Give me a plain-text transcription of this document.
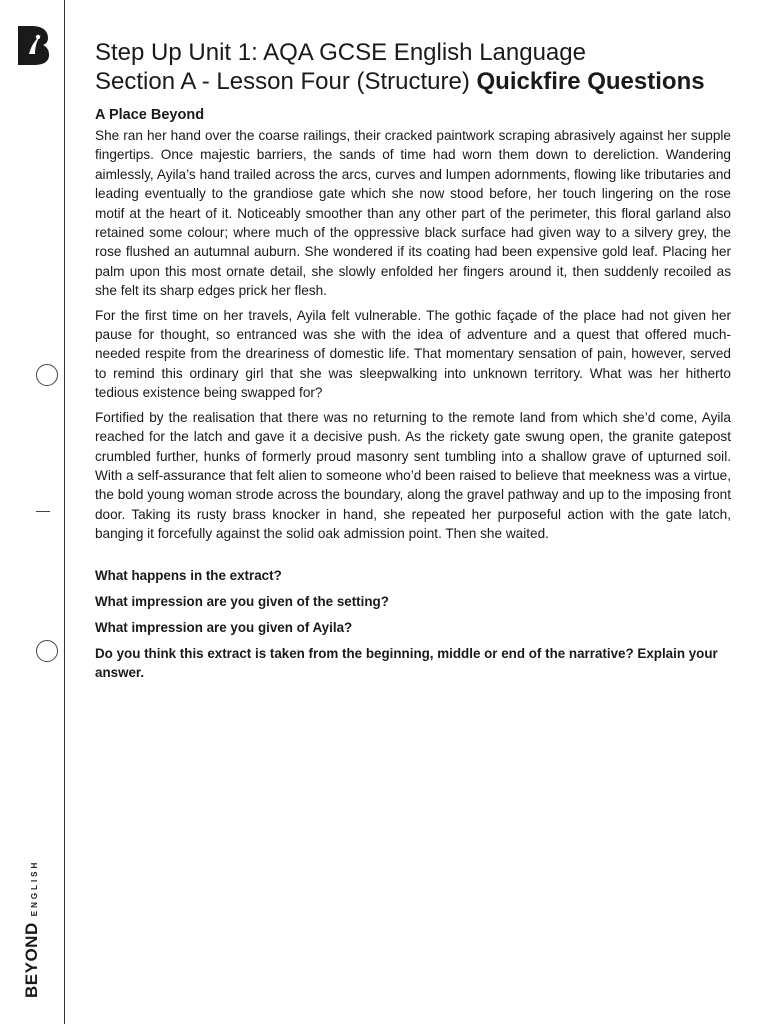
BEYONDENGLISH
Step Up Unit 1: AQA GCSE English Language
Section A - Lesson Four (Structure) Quickfire Questions
A Place Beyond

She ran her hand over the coarse railings, their cracked paintwork scraping abrasively against her supple fingertips. Once majestic barriers, the sands of time had worn them down to dereliction. Wandering aimlessly, Ayila’s hand trailed across the arcs, curves and lumpen adornments, flowing like tributaries and leading eventually to the grandiose gate which she now stood before, her touch lingering on the rose motif at the heart of it. Noticeably smoother than any other part of the perimeter, this floral garland also retained some colour; where much of the oppressive black surface had given way to a silvery grey, the rose flushed an autumnal auburn. She wondered if its coating had been expensive gold leaf. Placing her palm upon this most ornate detail, she slowly enfolded her fingers around it, then suddenly recoiled as she felt its sharp edges prick her flesh.

For the first time on her travels, Ayila felt vulnerable. The gothic façade of the place had not given her pause for thought, so entranced was she with the idea of adventure and a quest that offered much-needed respite from the dreariness of domestic life. That momentary sensation of pain, however, served to remind this ordinary girl that she was sleepwalking into unknown territory. What was her hitherto tedious existence being swapped for?

Fortified by the realisation that there was no returning to the remote land from which she’d come, Ayila reached for the latch and gave it a decisive push. As the rickety gate swung open, the granite gatepost crumbled further, hunks of formerly proud masonry sent tumbling into a shallow grave of upturned soil. With a self-assurance that felt alien to someone who’d been raised to believe that meekness was a virtue, the bold young woman strode across the boundary, along the gravel pathway and up to the imposing front door. Taking its rusty brass knocker in hand, she repeated her purposeful action with the gate latch, banging it forcefully against the solid oak admission point. Then she waited.

What happens in the extract?

What impression are you given of the setting?

What impression are you given of Ayila?

Do you think this extract is taken from the beginning, middle or end of the narrative? Explain your answer.
